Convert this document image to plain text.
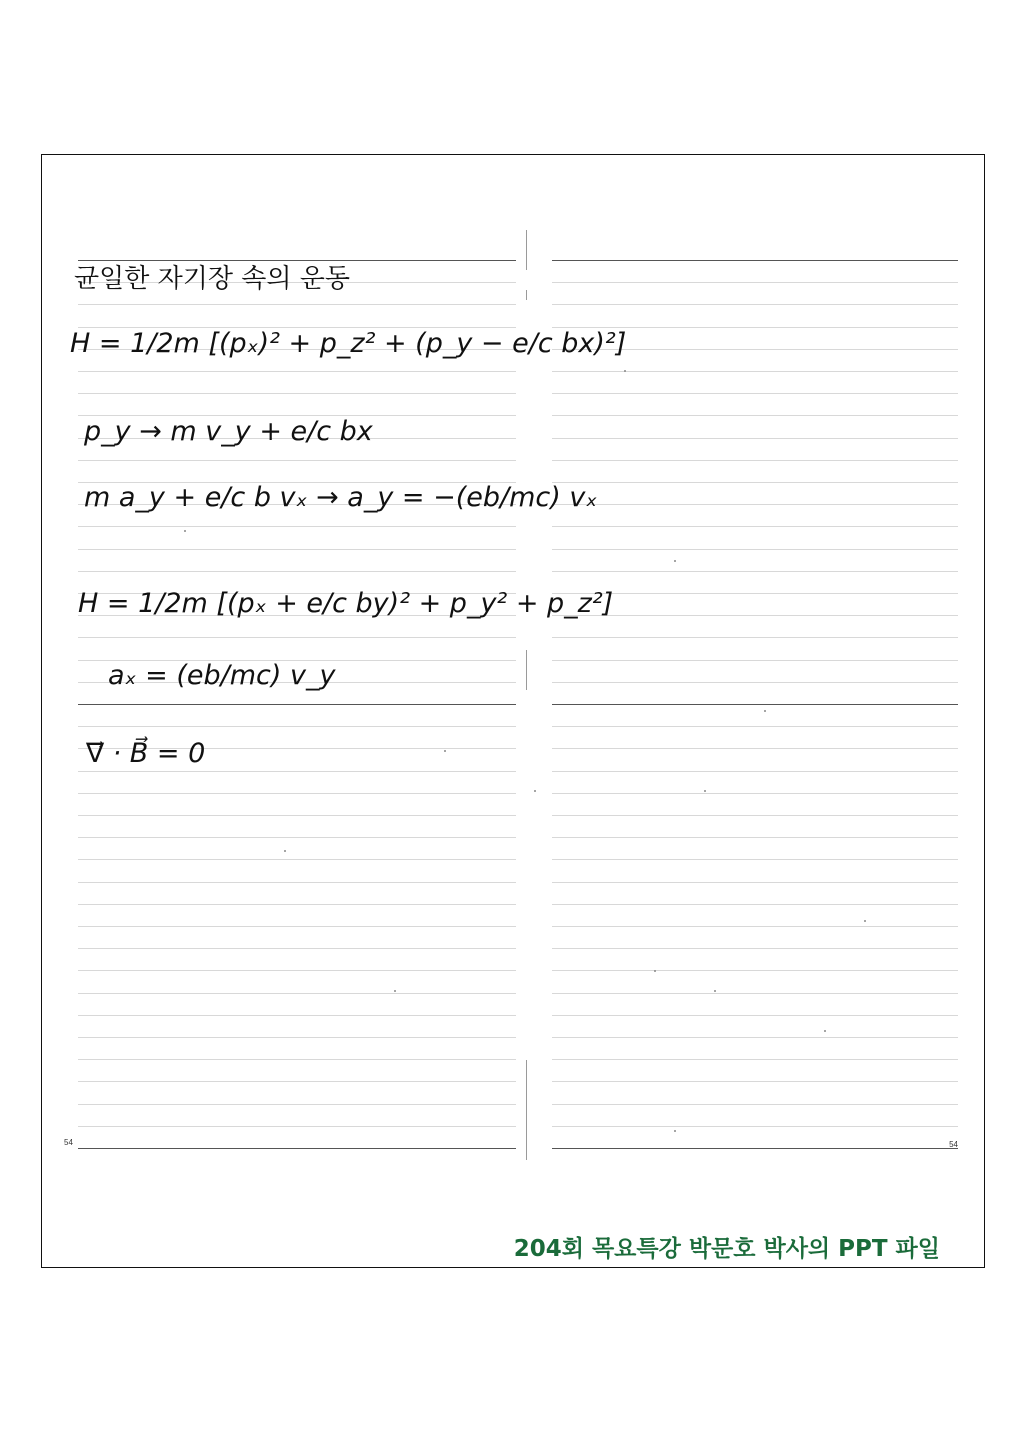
균일한 자기장 속의 운동
H = 1/2m [(pₓ)² + p_z² + (p_y − e/c bx)²]
p_y → m v_y + e/c bx
m a_y + e/c b vₓ → a_y = −(eb/mc) vₓ
H = 1/2m [(pₓ + e/c by)² + p_y² + p_z²]
aₓ = (eb/mc) v_y
∇⃗ · B⃗ = 0
54	54
204회 목요특강 박문호 박사의 PPT 파일
